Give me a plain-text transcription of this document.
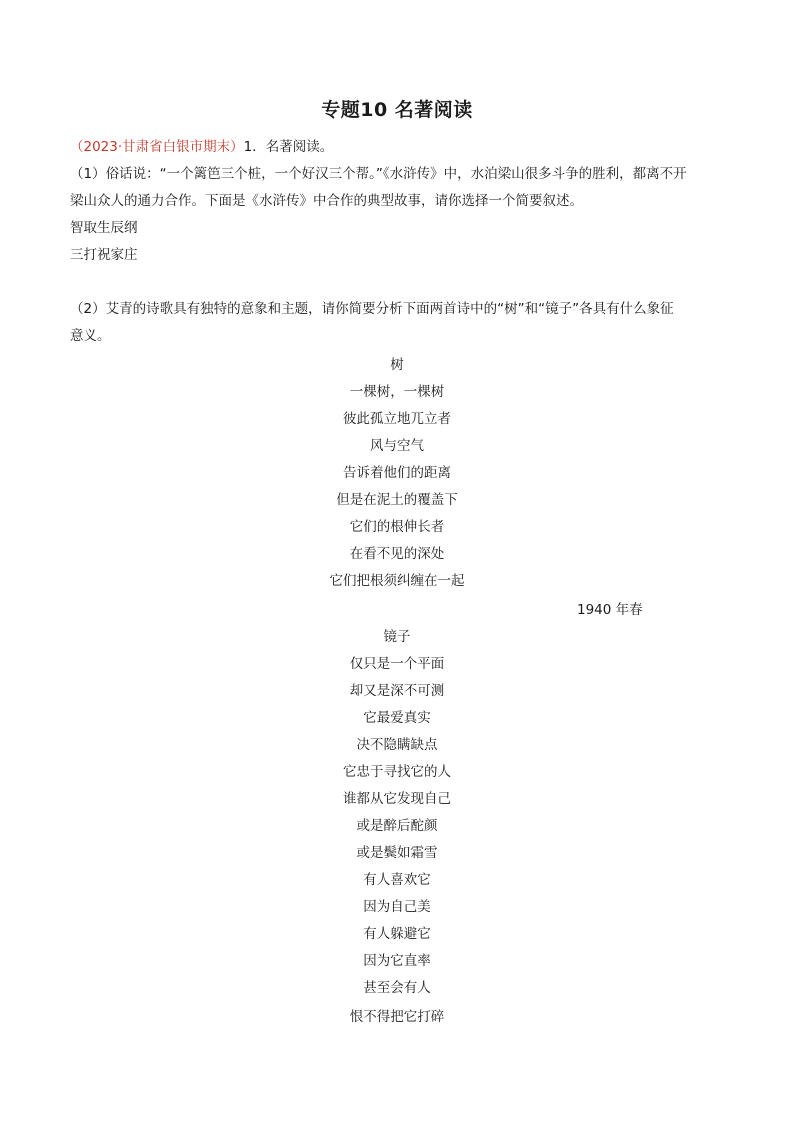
专题10 名著阅读
（2023·甘肃省白银市期末）1．名著阅读。
（1）俗话说：“一个篱笆三个桩，一个好汉三个帮。”《水浒传》中，水泊梁山很多斗争的胜利，都离不开
梁山众人的通力合作。下面是《水浒传》中合作的典型故事，请你选择一个简要叙述。
智取生辰纲
三打祝家庄
（2）艾青的诗歌具有独特的意象和主题，请你简要分析下面两首诗中的“树”和“镜子”各具有什么象征
意义。
树
一棵树，一棵树
彼此孤立地兀立者
风与空气
告诉着他们的距离
但是在泥土的覆盖下
它们的根伸长者
在看不见的深处
它们把根须纠缠在一起
1940 年春
镜子
仅只是一个平面
却又是深不可测
它最爱真实
决不隐瞒缺点
它忠于寻找它的人
谁都从它发现自己
或是醉后酡颜
或是鬓如霜雪
有人喜欢它
因为自己美
有人躲避它
因为它直率
甚至会有人
恨不得把它打碎
